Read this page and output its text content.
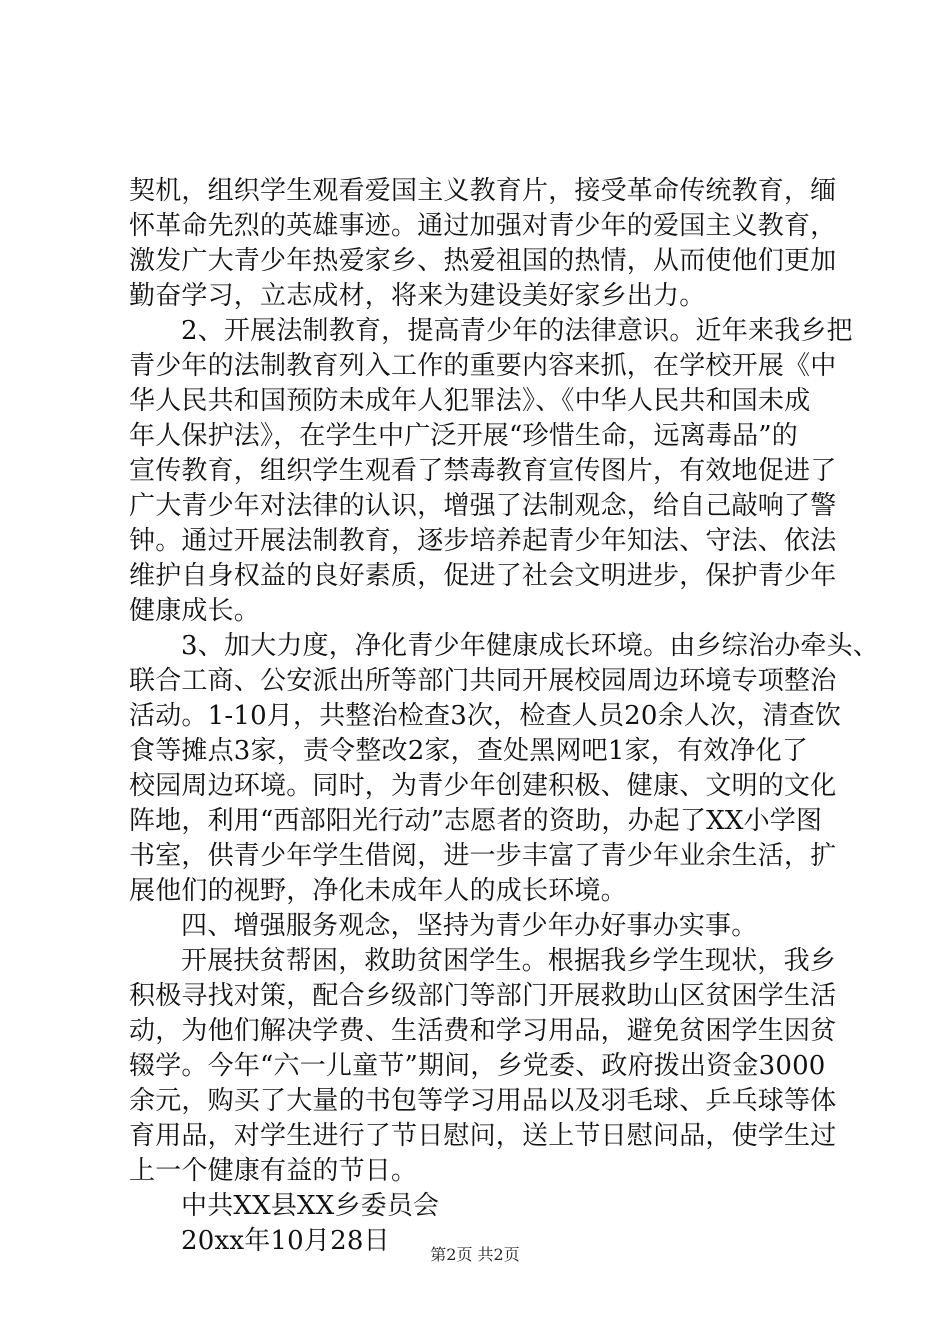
契机，组织学生观看爱国主义教育片，接受革命传统教育，缅
怀革命先烈的英雄事迹。通过加强对青少年的爱国主义教育，
激发广大青少年热爱家乡、热爱祖国的热情，从而使他们更加
勤奋学习，立志成材，将来为建设美好家乡出力。
2、开展法制教育，提高青少年的法律意识。近年来我乡把
青少年的法制教育列入工作的重要内容来抓，在学校开展《中
华人民共和国预防未成年人犯罪法》、《中华人民共和国未成
年人保护法》，在学生中广泛开展“珍惜生命，远离毒品”的
宣传教育，组织学生观看了禁毒教育宣传图片，有效地促进了
广大青少年对法律的认识，增强了法制观念，给自己敲响了警
钟。通过开展法制教育，逐步培养起青少年知法、守法、依法
维护自身权益的良好素质，促进了社会文明进步，保护青少年
健康成长。
3、加大力度，净化青少年健康成长环境。由乡综治办牵头、
联合工商、公安派出所等部门共同开展校园周边环境专项整治
活动。1-10月，共整治检查3次，检查人员20余人次，清查饮
食等摊点3家，责令整改2家，查处黑网吧1家，有效净化了
校园周边环境。同时，为青少年创建积极、健康、文明的文化
阵地，利用“西部阳光行动”志愿者的资助，办起了XX小学图
书室，供青少年学生借阅，进一步丰富了青少年业余生活，扩
展他们的视野，净化未成年人的成长环境。
四、增强服务观念，坚持为青少年办好事办实事。
开展扶贫帮困，救助贫困学生。根据我乡学生现状，我乡
积极寻找对策，配合乡级部门等部门开展救助山区贫困学生活
动，为他们解决学费、生活费和学习用品，避免贫困学生因贫
辍学。今年“六一儿童节”期间，乡党委、政府拨出资金3000
余元，购买了大量的书包等学习用品以及羽毛球、乒乓球等体
育用品，对学生进行了节日慰问，送上节日慰问品，使学生过
上一个健康有益的节日。
中共XX县XX乡委员会
20xx年10月28日	第2页 共2页
